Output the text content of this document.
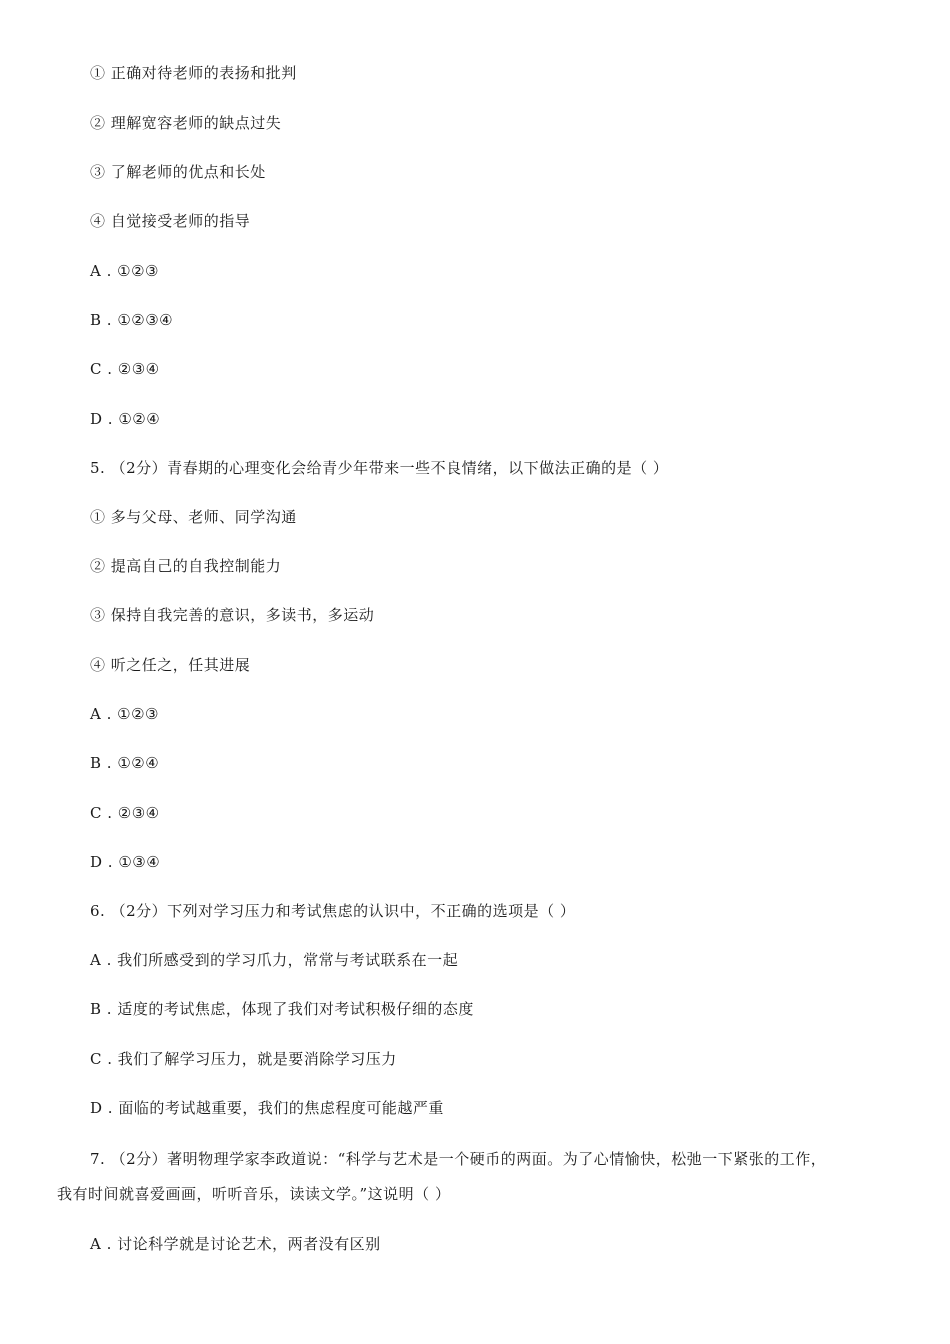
① 正确对待老师的表扬和批判
② 理解宽容老师的缺点过失
③ 了解老师的优点和长处
④ 自觉接受老师的指导
A . ①②③
B . ①②③④
C . ②③④
D . ①②④
5. （2分）青春期的心理变化会给青少年带来一些不良情绪，以下做法正确的是（ ）
① 多与父母、老师、同学沟通
② 提高自己的自我控制能力
③ 保持自我完善的意识，多读书，多运动
④ 听之任之，任其进展
A . ①②③
B . ①②④
C . ②③④
D . ①③④
6. （2分）下列对学习压力和考试焦虑的认识中，不正确的选项是（ ）
A . 我们所感受到的学习爪力，常常与考试联系在一起
B . 适度的考试焦虑，体现了我们对考试积极仔细的态度
C . 我们了解学习压力，就是要消除学习压力
D . 面临的考试越重要，我们的焦虑程度可能越严重
7. （2分）著明物理学家李政道说：“科学与艺术是一个硬币的两面。为了心情愉快，松弛一下紧张的工作，
我有时间就喜爱画画，听听音乐，读读文学。”这说明（ ）
A . 讨论科学就是讨论艺术，两者没有区别
